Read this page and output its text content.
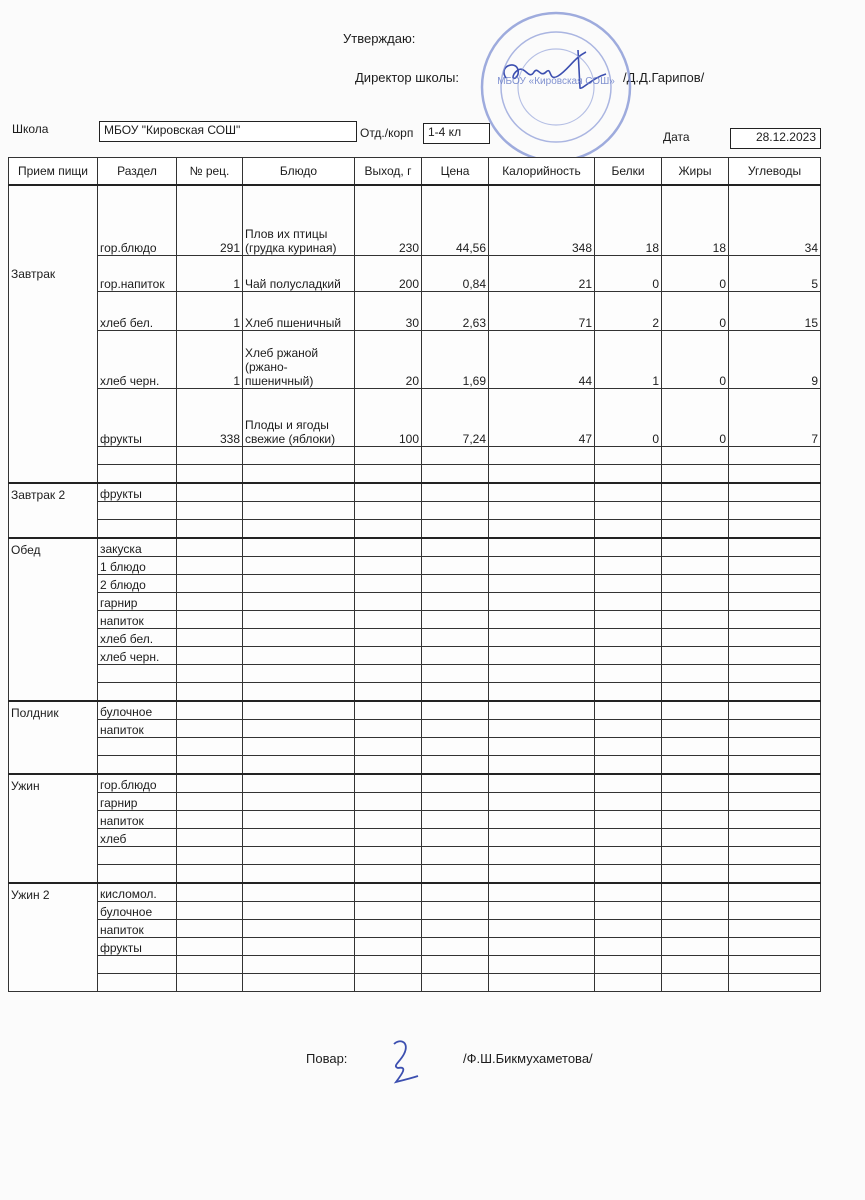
Утверждаю:
Директор школы:	/Д.Д.Гарипов/
МБОУ «Кировская СОШ»
Школа	МБОУ "Кировская СОШ"	Отд./корп	1-4 кл	Дата	28.12.2023
Прием пищи	Раздел	№ рец.	Блюдо	Выход, г	Цена	Калорийность	Белки	Жиры	Углеводы
Завтрак	гор.блюдо	291	Плов их птицы (грудка куриная)	230	44,56	348	18	18	34
	гор.напиток	1	Чай полусладкий	200	0,84	21	0	0	5
	хлеб бел.	1	Хлеб пшеничный	30	2,63	71	2	0	15
	хлеб черн.	1	Хлеб ржаной (ржано-пшеничный)	20	1,69	44	1	0	9
	фрукты	338	Плоды и ягоды свежие (яблоки)	100	7,24	47	0	0	7

Завтрак 2	фрукты								

Обед	закуска								
	1 блюдо								
	2 блюдо								
	гарнир								
	напиток								
	хлеб бел.								
	хлеб черн.								

Полдник	булочное								
	напиток								

Ужин	гор.блюдо								
	гарнир								
	напиток								
	хлеб								

Ужин 2	кисломол.								
	булочное								
	напиток								
	фрукты								

Повар:	/Ф.Ш.Бикмухаметова/
